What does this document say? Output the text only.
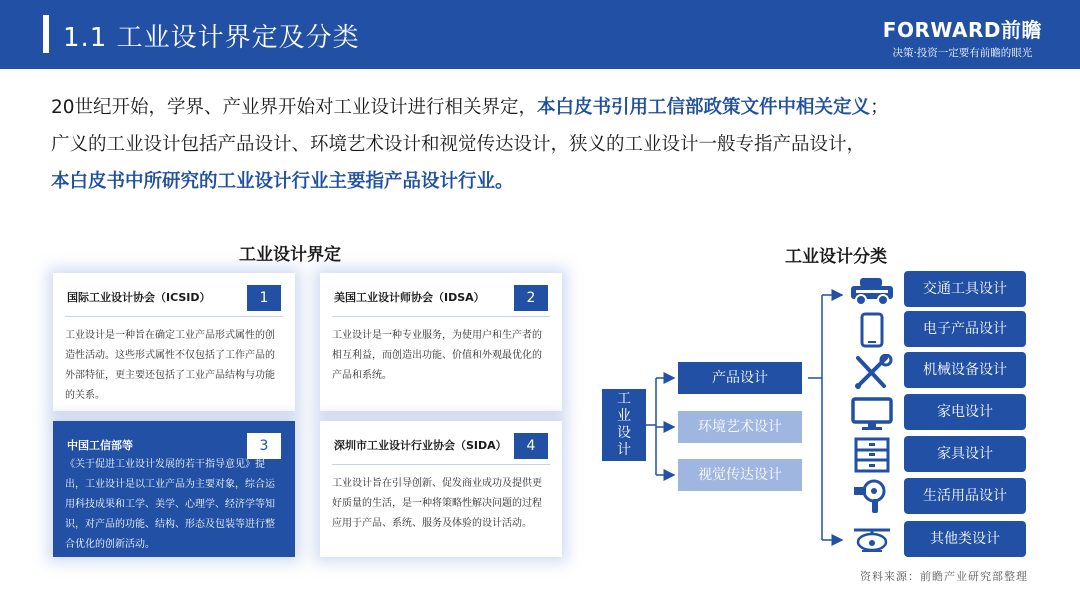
1.1 工业设计界定及分类	FORWARD前瞻
决策·投资一定要有前瞻的眼光

20世纪开始，学界、产业界开始对工业设计进行相关界定，本白皮书引用工信部政策文件中相关定义；

广义的工业设计包括产品设计、环境艺术设计和视觉传达设计，狭义的工业设计一般专指产品设计，

本白皮书中所研究的工业设计行业主要指产品设计行业。

工业设计界定
国际工业设计协会（ICSID）	1
工业设计是一种旨在确定工业产品形式属性的创造性活动。这些形式属性不仅包括了工作产品的外部特征，更主要还包括了工业产品结构与功能的关系。
美国工业设计师协会（IDSA）	2
工业设计是一种专业服务，为使用户和生产者的相互利益，而创造出功能、价值和外观最优化的产品和系统。
中国工信部等	3
《关于促进工业设计发展的若干指导意见》提出，工业设计是以工业产品为主要对象，综合运用科技成果和工学、美学、心理学、经济学等知识，对产品的功能、结构、形态及包装等进行整合优化的创新活动。
深圳市工业设计行业协会（SIDA）	4
工业设计旨在引导创新、促发商业成功及提供更好质量的生活，是一种将策略性解决问题的过程应用于产品、系统、服务及体验的设计活动。
工业设计分类
工业设计
产品设计
环境艺术设计
视觉传达设计
交通工具设计
电子产品设计
机械设备设计
家电设计
家具设计
生活用品设计
其他类设计
资料来源：前瞻产业研究部整理
